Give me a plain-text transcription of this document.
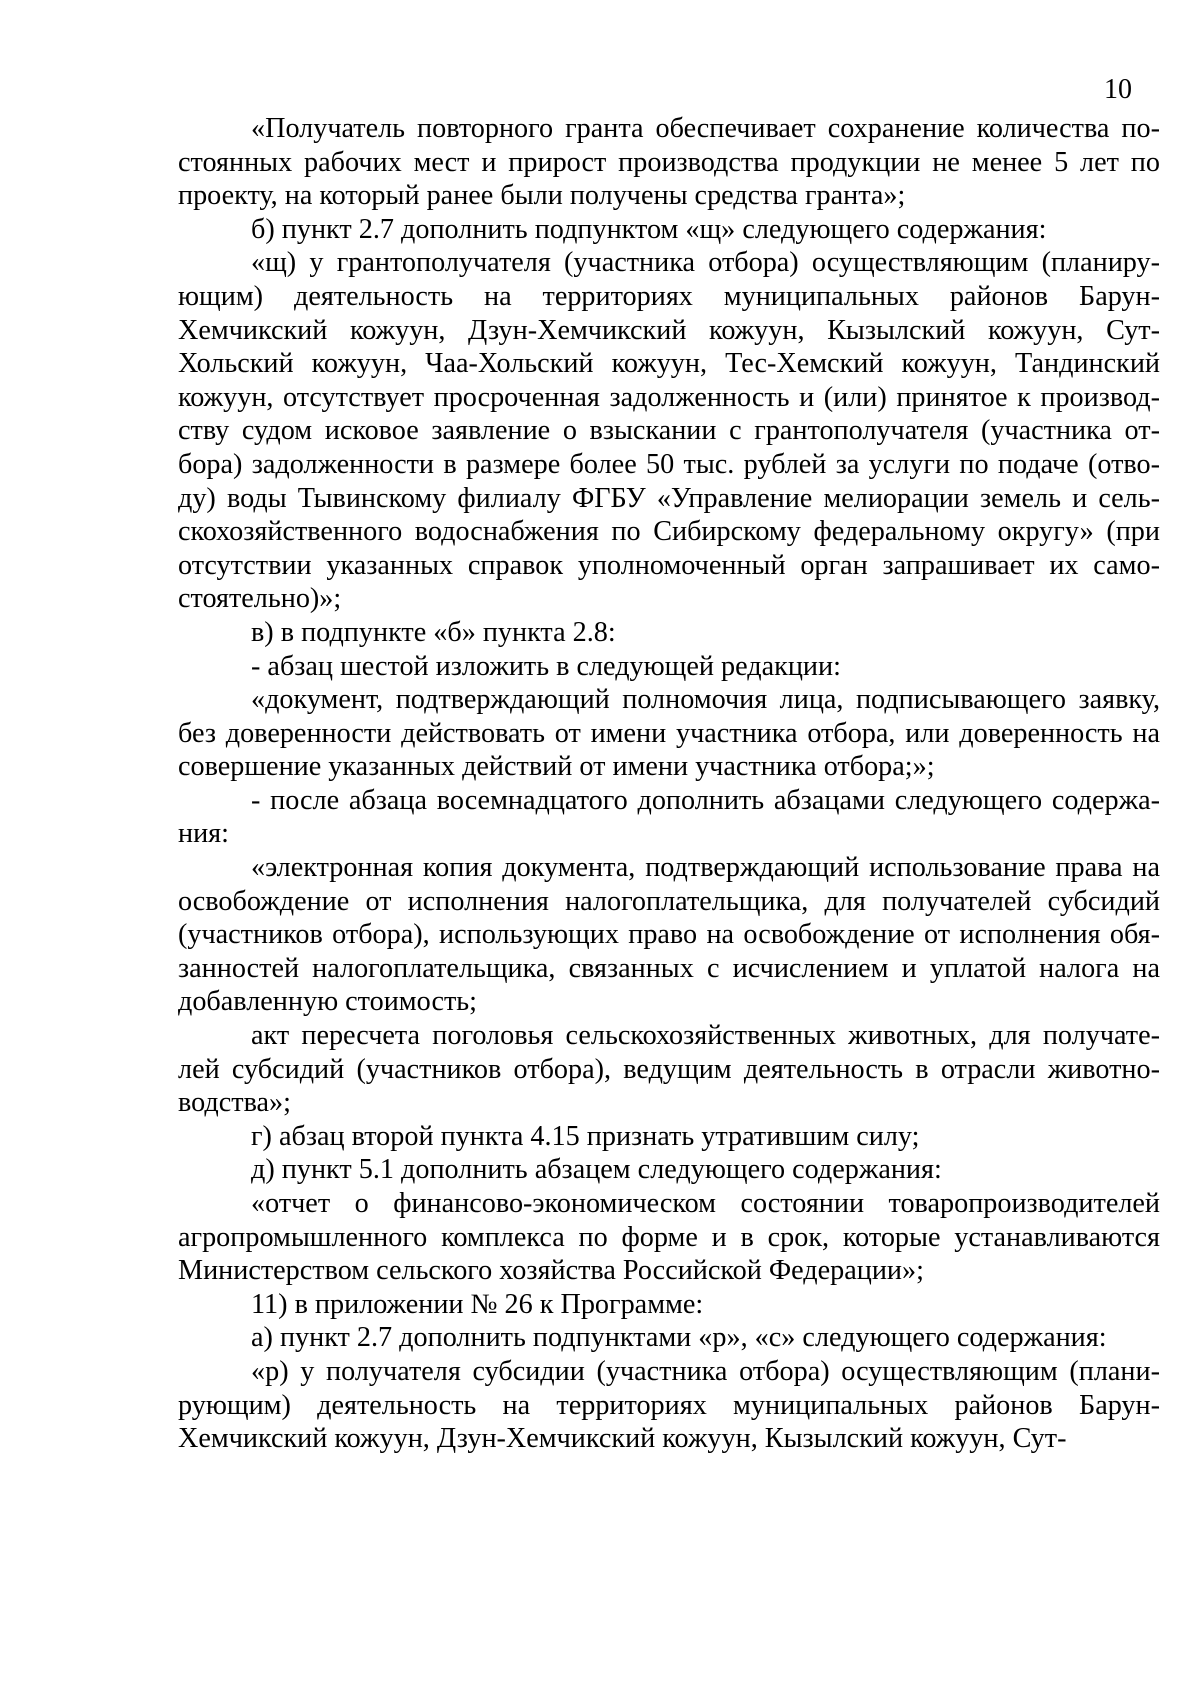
10

«Получатель повторного гранта обеспечивает сохранение количества постоянных рабочих мест и прирост производства продукции не менее 5 лет по проекту, на который ранее были получены средства гранта»;

б) пункт 2.7 дополнить подпунктом «щ» следующего содержания:

«щ) у грантополучателя (участника отбора) осуществляющим (планирующим) деятельность на территориях муниципальных районов Барун-Хемчикский кожуун, Дзун-Хемчикский кожуун, Кызылский кожуун, Сут-Хольский кожуун, Чаа-Хольский кожуун, Тес-Хемский кожуун, Тандинский кожуун, отсутствует просроченная задолженность и (или) принятое к производству судом исковое заявление о взыскании с грантополучателя (участника отбора) задолженности в размере более 50 тыс. рублей за услуги по подаче (отводу) воды Тывинскому филиалу ФГБУ «Управление мелиорации земель и сельскохозяйственного водоснабжения по Сибирскому федеральному округу» (при отсутствии указанных справок уполномоченный орган запрашивает их самостоятельно)»;

в) в подпункте «б» пункта 2.8:

- абзац шестой изложить в следующей редакции:

«документ, подтверждающий полномочия лица, подписывающего заявку, без доверенности действовать от имени участника отбора, или доверенность на совершение указанных действий от имени участника отбора;»;

- после абзаца восемнадцатого дополнить абзацами следующего содержания:

«электронная копия документа, подтверждающий использование права на освобождение от исполнения налогоплательщика, для получателей субсидий (участников отбора), использующих право на освобождение от исполнения обязанностей налогоплательщика, связанных с исчислением и уплатой налога на добавленную стоимость;

акт пересчета поголовья сельскохозяйственных животных, для получателей субсидий (участников отбора), ведущим деятельность в отрасли животноводства»;

г) абзац второй пункта 4.15 признать утратившим силу;

д) пункт 5.1 дополнить абзацем следующего содержания:

«отчет о финансово-экономическом состоянии товаропроизводителей агропромышленного комплекса по форме и в срок, которые устанавливаются Министерством сельского хозяйства Российской Федерации»;

11) в приложении № 26 к Программе:

а) пункт 2.7 дополнить подпунктами «р», «с» следующего содержания:

«р) у получателя субсидии (участника отбора) осуществляющим (планирующим) деятельность на территориях муниципальных районов Барун-Хемчикский кожуун, Дзун-Хемчикский кожуун, Кызылский кожуун, Сут-
